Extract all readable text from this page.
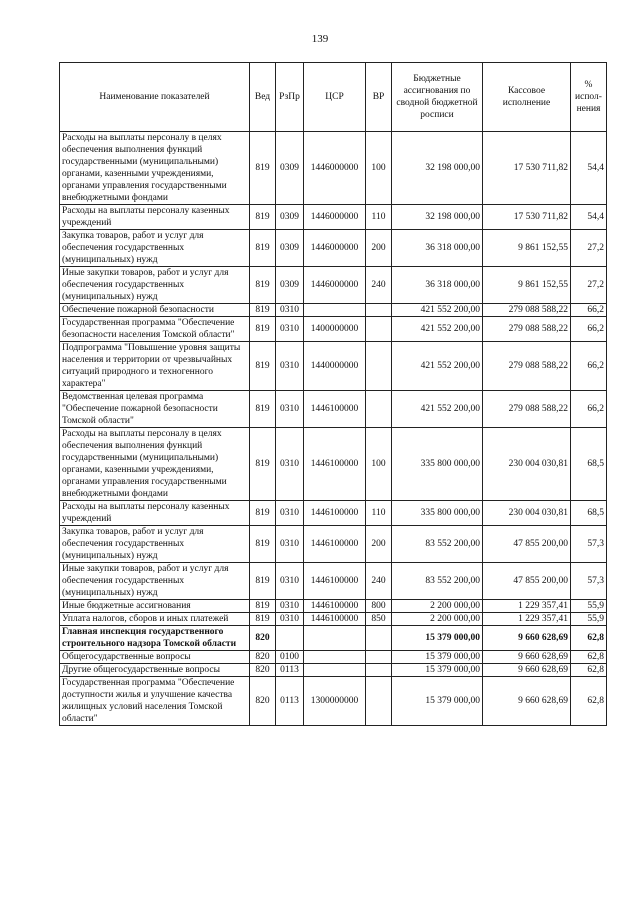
139
Наименование показателей	Вед	РзПр	ЦСР	ВР	Бюджетные ассигнования по сводной бюджетной росписи	Кассовое исполнение	% испол-нения
Расходы на выплаты персоналу в целях обеспечения выполнения функций государственными (муниципальными) органами, казенными учреждениями, органами управления государственными внебюджетными фондами	819	0309	1446000000	100	32 198 000,00	17 530 711,82	54,4
Расходы на выплаты персоналу казенных учреждений	819	0309	1446000000	110	32 198 000,00	17 530 711,82	54,4
Закупка товаров, работ и услуг для обеспечения государственных (муниципальных) нужд	819	0309	1446000000	200	36 318 000,00	9 861 152,55	27,2
Иные закупки товаров, работ и услуг для обеспечения государственных (муниципальных) нужд	819	0309	1446000000	240	36 318 000,00	9 861 152,55	27,2
Обеспечение пожарной безопасности	819	0310			421 552 200,00	279 088 588,22	66,2
Государственная программа "Обеспечение безопасности населения Томской области"	819	0310	1400000000		421 552 200,00	279 088 588,22	66,2
Подпрограмма "Повышение уровня защиты населения и территории от чрезвычайных ситуаций природного и техногенного характера"	819	0310	1440000000		421 552 200,00	279 088 588,22	66,2
Ведомственная целевая программа "Обеспечение пожарной безопасности Томской области"	819	0310	1446100000		421 552 200,00	279 088 588,22	66,2
Расходы на выплаты персоналу в целях обеспечения выполнения функций государственными (муниципальными) органами, казенными учреждениями, органами управления государственными внебюджетными фондами	819	0310	1446100000	100	335 800 000,00	230 004 030,81	68,5
Расходы на выплаты персоналу казенных учреждений	819	0310	1446100000	110	335 800 000,00	230 004 030,81	68,5
Закупка товаров, работ и услуг для обеспечения государственных (муниципальных) нужд	819	0310	1446100000	200	83 552 200,00	47 855 200,00	57,3
Иные закупки товаров, работ и услуг для обеспечения государственных (муниципальных) нужд	819	0310	1446100000	240	83 552 200,00	47 855 200,00	57,3
Иные бюджетные ассигнования	819	0310	1446100000	800	2 200 000,00	1 229 357,41	55,9
Уплата налогов, сборов и иных платежей	819	0310	1446100000	850	2 200 000,00	1 229 357,41	55,9
Главная инспекция государственного строительного надзора Томской области	820				15 379 000,00	9 660 628,69	62,8
Общегосударственные вопросы	820	0100			15 379 000,00	9 660 628,69	62,8
Другие общегосударственные вопросы	820	0113			15 379 000,00	9 660 628,69	62,8
Государственная программа "Обеспечение доступности жилья и улучшение качества жилищных условий населения Томской области"	820	0113	1300000000		15 379 000,00	9 660 628,69	62,8
